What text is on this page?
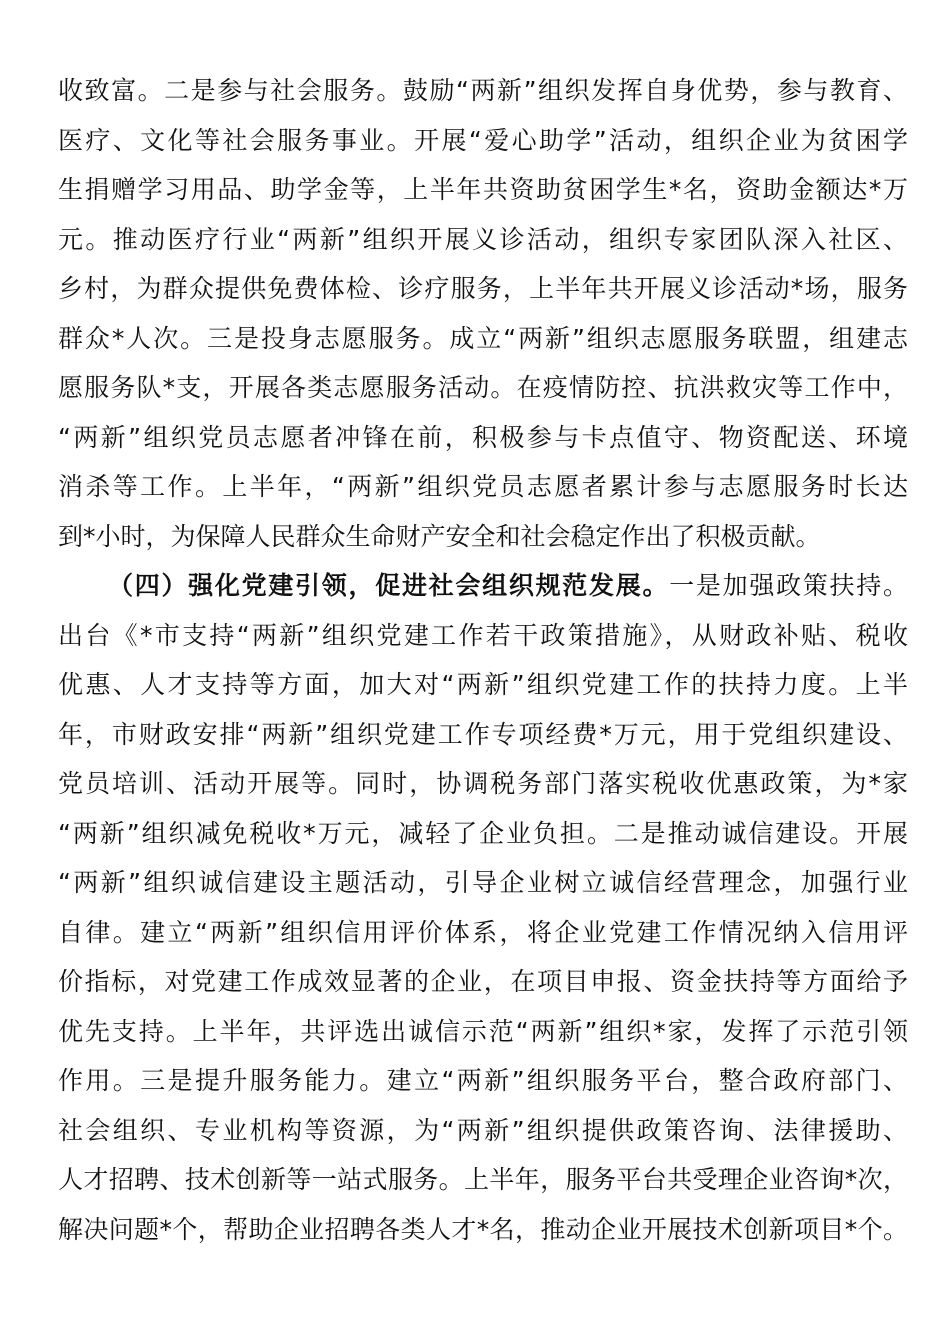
收致富。二是参与社会服务。鼓励“两新”组织发挥自身优势，参与教育、
医疗、文化等社会服务事业。开展“爱心助学”活动，组织企业为贫困学
生捐赠学习用品、助学金等，上半年共资助贫困学生*名，资助金额达*万
元。推动医疗行业“两新”组织开展义诊活动，组织专家团队深入社区、
乡村，为群众提供免费体检、诊疗服务，上半年共开展义诊活动*场，服务
群众*人次。三是投身志愿服务。成立“两新”组织志愿服务联盟，组建志
愿服务队*支，开展各类志愿服务活动。在疫情防控、抗洪救灾等工作中，
“两新”组织党员志愿者冲锋在前，积极参与卡点值守、物资配送、环境
消杀等工作。上半年，“两新”组织党员志愿者累计参与志愿服务时长达
到*小时，为保障人民群众生命财产安全和社会稳定作出了积极贡献。
（四）强化党建引领，促进社会组织规范发展。一是加强政策扶持。
出台《*市支持“两新”组织党建工作若干政策措施》，从财政补贴、税收
优惠、人才支持等方面，加大对“两新”组织党建工作的扶持力度。上半
年，市财政安排“两新”组织党建工作专项经费*万元，用于党组织建设、
党员培训、活动开展等。同时，协调税务部门落实税收优惠政策，为*家
“两新”组织减免税收*万元，减轻了企业负担。二是推动诚信建设。开展
“两新”组织诚信建设主题活动，引导企业树立诚信经营理念，加强行业
自律。建立“两新”组织信用评价体系，将企业党建工作情况纳入信用评
价指标，对党建工作成效显著的企业，在项目申报、资金扶持等方面给予
优先支持。上半年，共评选出诚信示范“两新”组织*家，发挥了示范引领
作用。三是提升服务能力。建立“两新”组织服务平台，整合政府部门、
社会组织、专业机构等资源，为“两新”组织提供政策咨询、法律援助、
人才招聘、技术创新等一站式服务。上半年，服务平台共受理企业咨询*次，
解决问题*个，帮助企业招聘各类人才*名，推动企业开展技术创新项目*个。
